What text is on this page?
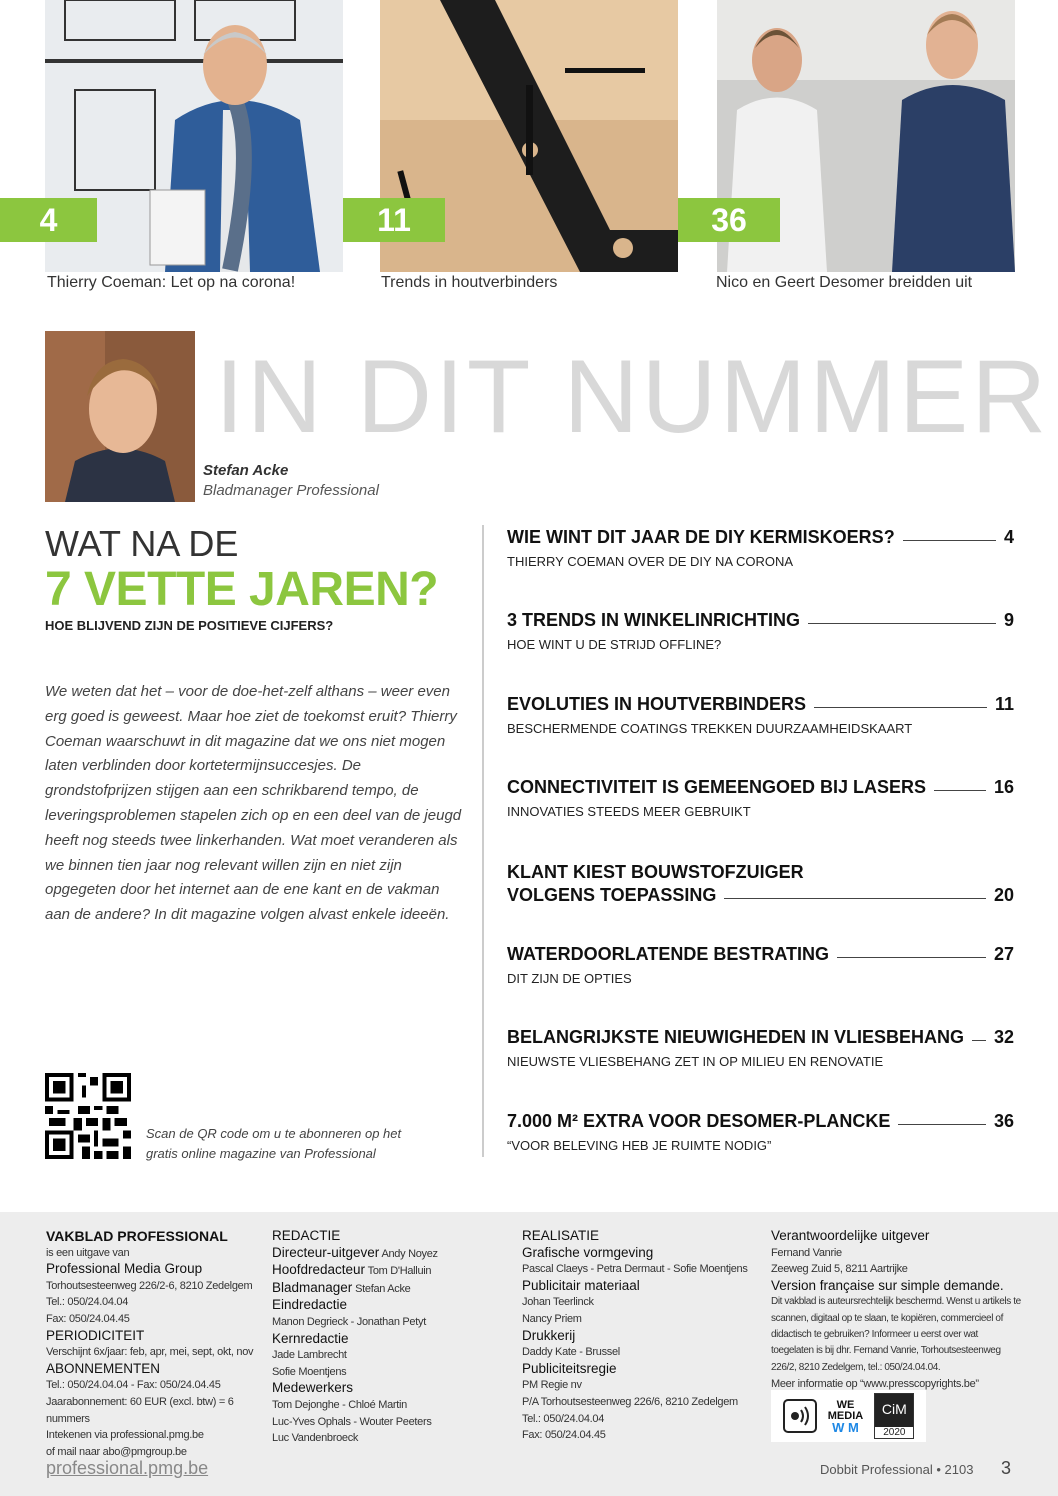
4	11	36
Thierry Coeman: Let op na corona!	Trends in houtverbinders	Nico en Geert Desomer breidden uit
IN DIT NUMMER
Stefan Acke
Bladmanager Professional
WAT NA DE
7 VETTE JAREN?
HOE BLIJVEND ZIJN DE POSITIEVE CIJFERS?

We weten dat het – voor de doe-het-zelf althans – weer even erg goed is geweest. Maar hoe ziet de toekomst eruit? Thierry Coeman waarschuwt in dit magazine dat we ons niet mogen laten verblinden door kortetermijnsuccesjes. De grondstofprijzen stijgen aan een schrikbarend tempo, de leveringsproblemen stapelen zich op en een deel van de jeugd heeft nog steeds twee linkerhanden. Wat moet veranderen als we binnen tien jaar nog relevant willen zijn en niet zijn opgegeten door het internet aan de ene kant en de vakman aan de andere? In dit magazine volgen alvast enkele ideeën.

Scan de QR code om u te abonneren op het gratis online magazine van Professional
WIE WINT DIT JAAR DE DIY KERMISKOERS?	4
THIERRY COEMAN OVER DE DIY NA CORONA
3 TRENDS IN WINKELINRICHTING	9
HOE WINT U DE STRIJD OFFLINE?
EVOLUTIES IN HOUTVERBINDERS	11
BESCHERMENDE COATINGS TREKKEN DUURZAAMHEIDSKAART
CONNECTIVITEIT IS GEMEENGOED BIJ LASERS	16
INNOVATIES STEEDS MEER GEBRUIKT
KLANT KIEST BOUWSTOFZUIGER
VOLGENS TOEPASSING	20
WATERDOORLATENDE BESTRATING	27
DIT ZIJN DE OPTIES
BELANGRIJKSTE NIEUWIGHEDEN IN VLIESBEHANG 32
NIEUWSTE VLIESBEHANG ZET IN OP MILIEU EN RENOVATIE
7.000 M² EXTRA VOOR DESOMER-PLANCKE	36
“VOOR BELEVING HEB JE RUIMTE NODIG”
VAKBLAD PROFESSIONAL
is een uitgave van
Professional Media Group
Torhoutsesteenweg 226/2-6, 8210 Zedelgem
Tel.: 050/24.04.04
Fax: 050/24.04.45
PERIODICITEIT
Verschijnt 6x/jaar: feb, apr, mei, sept, okt, nov
ABONNEMENTEN
Tel.: 050/24.04.04 - Fax: 050/24.04.45
Jaarabonnement: 60 EUR (excl. btw) = 6 nummers
Intekenen via professional.pmg.be
of mail naar abo@pmgroup.be
REDACTIE
Directeur-uitgever Andy Noyez
Hoofdredacteur Tom D'Halluin
Bladmanager Stefan Acke
Eindredactie
Manon Degrieck - Jonathan Petyt
Kernredactie
Jade Lambrecht
Sofie Moentjens
Medewerkers
Tom Dejonghe - Chloé Martin
Luc-Yves Ophals - Wouter Peeters
Luc Vandenbroeck
REALISATIE
Grafische vormgeving
Pascal Claeys - Petra Dermaut - Sofie Moentjens
Publicitair materiaal
Johan Teerlinck
Nancy Priem
Drukkerij
Daddy Kate - Brussel
Publiciteitsregie
PM Regie nv
P/A Torhoutsesteenweg 226/6, 8210 Zedelgem
Tel.: 050/24.04.04
Fax: 050/24.04.45
Verantwoordelijke uitgever
Fernand Vanrie
Zeeweg Zuid 5, 8211 Aartrijke
Version française sur simple demande.
Dit vakblad is auteursrechtelijk beschermd. Wenst u artikels te scannen, digitaal op te slaan, te kopiëren, commercieel of didactisch te gebruiken? Informeer u eerst over wat toegelaten is bij dhr. Fernand Vanrie, Torhoutsesteenweg 226/2, 8210 Zedelgem, tel.: 050/24.04.04.
Meer informatie op “www.presscopyrights.be”
WE
MEDIA
W M
CiM
2020
professional.pmg.be	Dobbit Professional • 2103 3
